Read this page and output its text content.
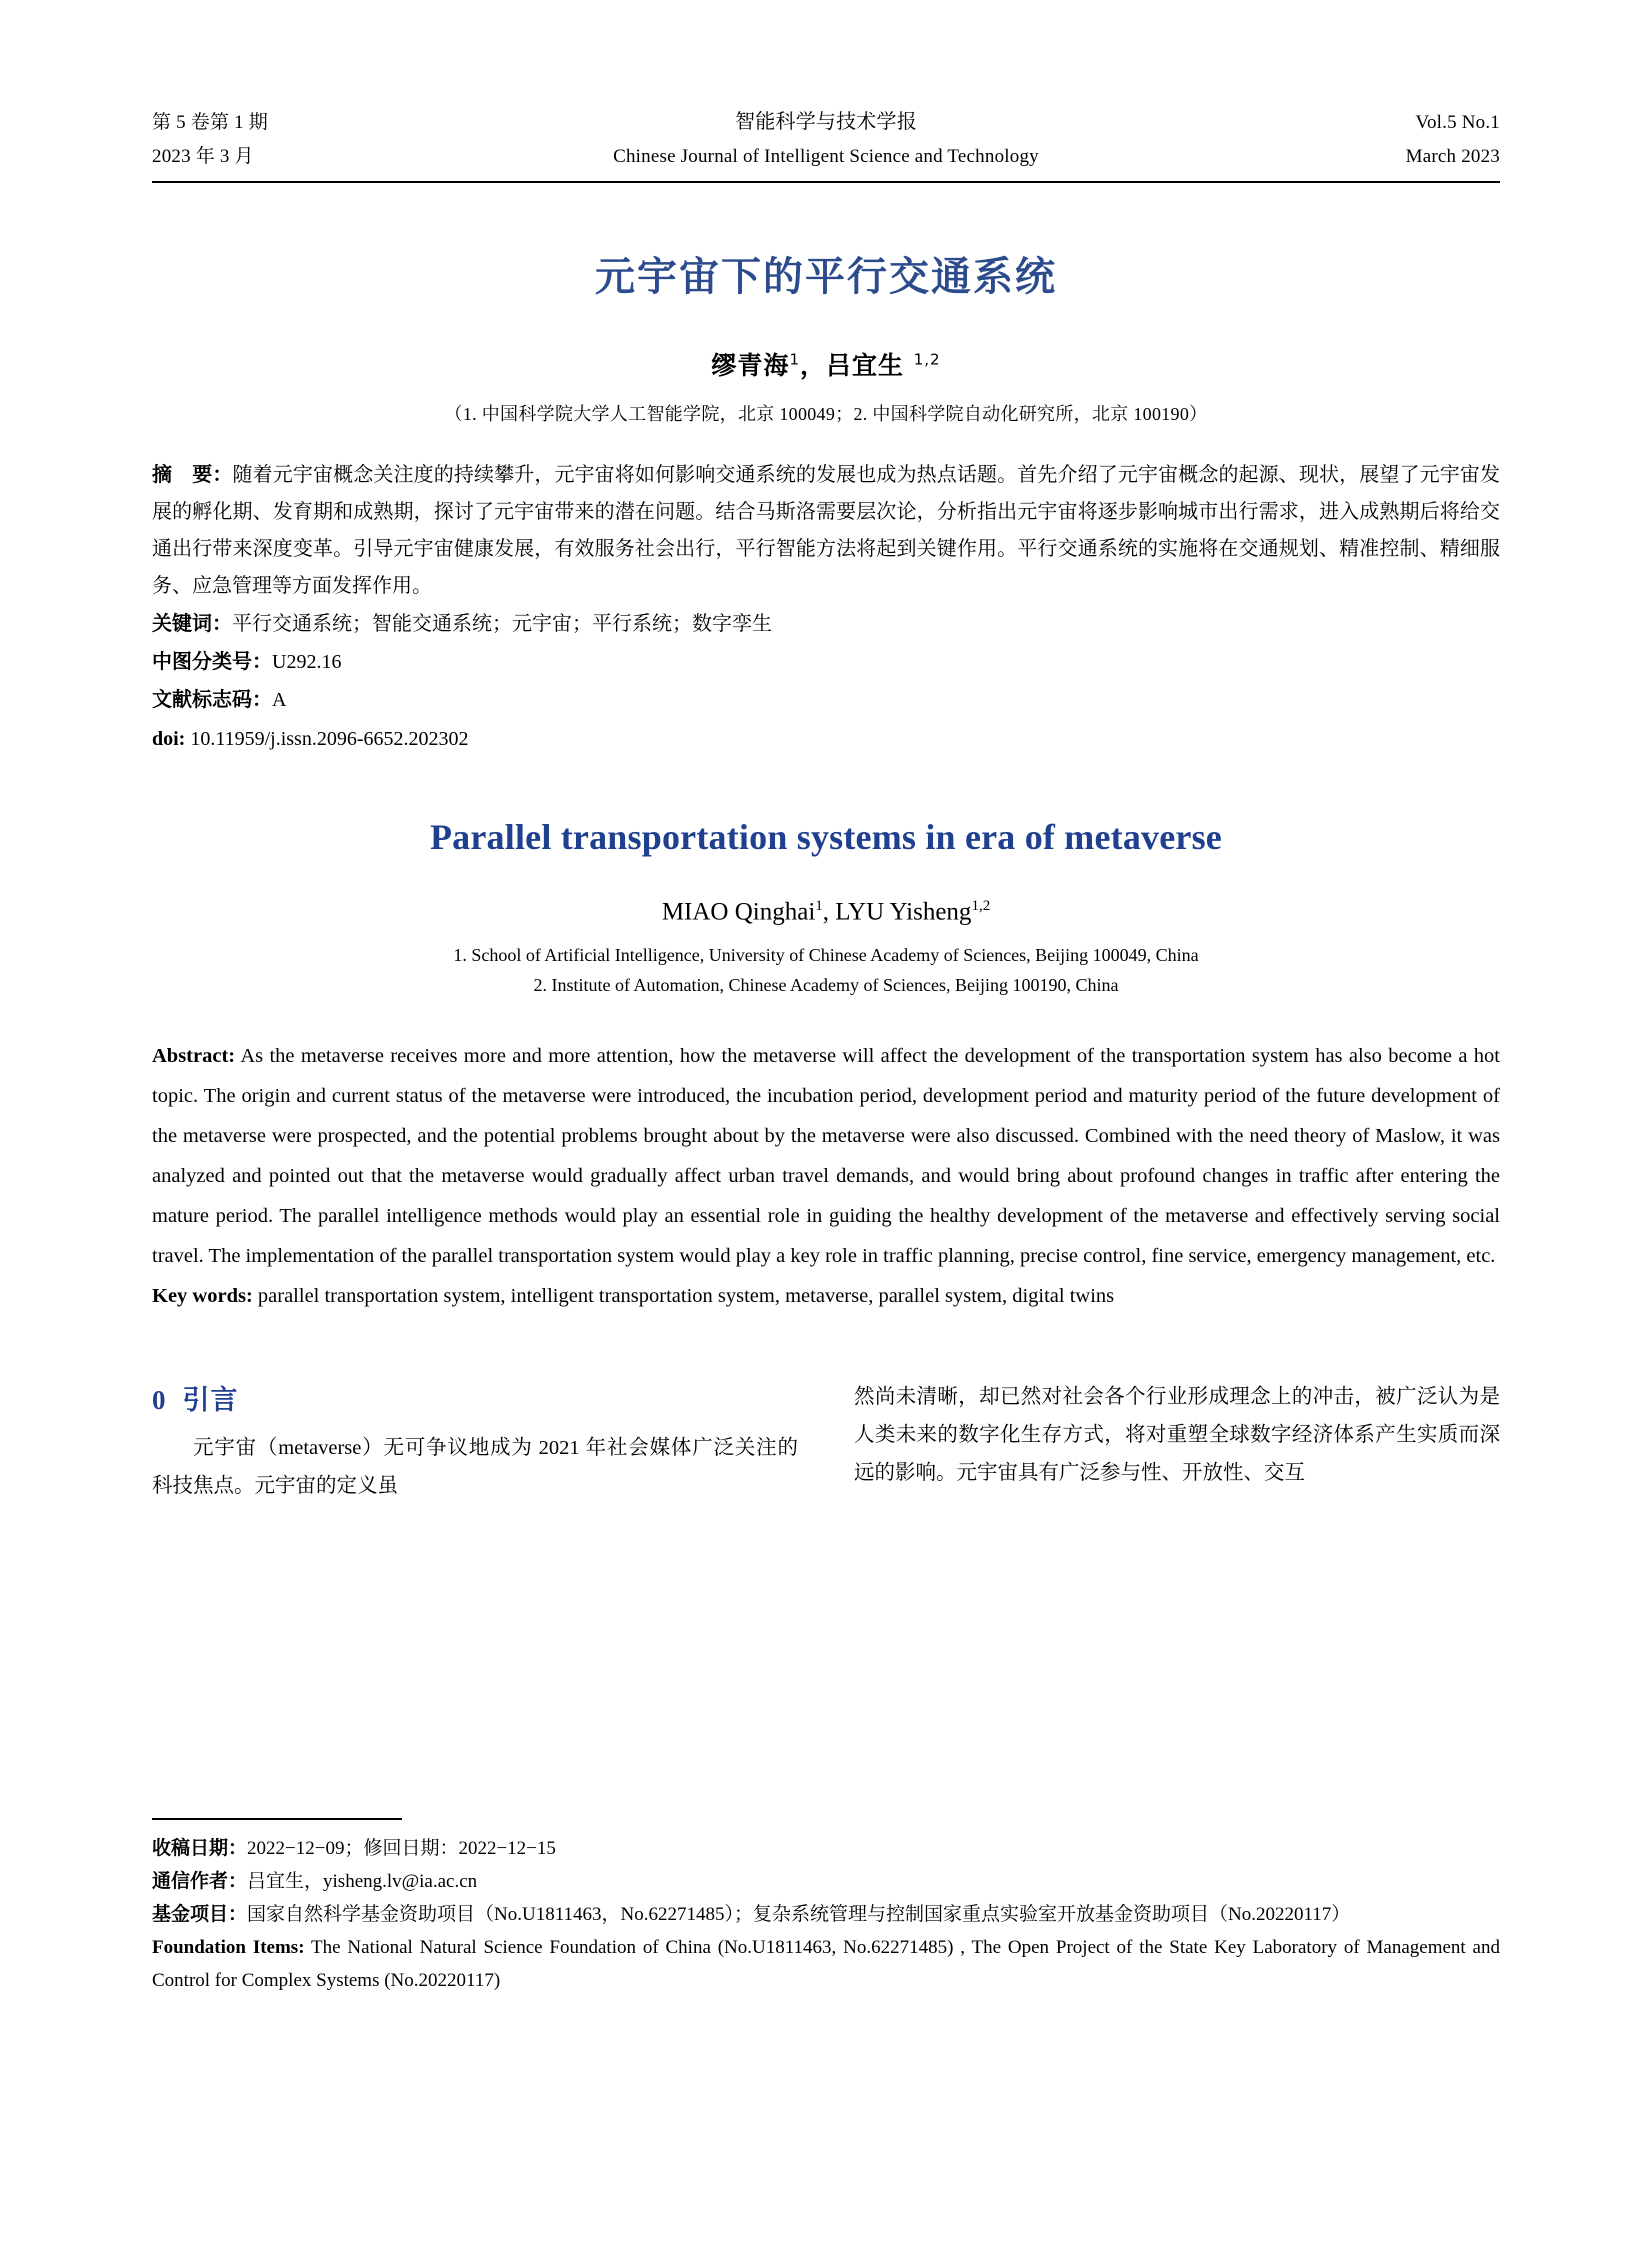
第 5 卷第 1 期	智能科学与技术学报	Vol.5 No.1
2023 年 3 月	Chinese Journal of Intelligent Science and Technology	March 2023
元宇宙下的平行交通系统
缪青海$^1$，吕宜生 $^{1,2}$
（1. 中国科学院大学人工智能学院，北京 100049；2. 中国科学院自动化研究所，北京 100190）

摘　要：随着元宇宙概念关注度的持续攀升，元宇宙将如何影响交通系统的发展也成为热点话题。首先介绍了元宇宙概念的起源、现状，展望了元宇宙发展的孵化期、发育期和成熟期，探讨了元宇宙带来的潜在问题。结合马斯洛需要层次论，分析指出元宇宙将逐步影响城市出行需求，进入成熟期后将给交通出行带来深度变革。引导元宇宙健康发展，有效服务社会出行，平行智能方法将起到关键作用。平行交通系统的实施将在交通规划、精准控制、精细服务、应急管理等方面发挥作用。

关键词：平行交通系统；智能交通系统；元宇宙；平行系统；数字孪生
中图分类号：U292.16
文献标志码：A
doi: 10.11959/j.issn.2096-6652.202302
Parallel transportation systems in era of metaverse
MIAO Qinghai$^1$, LYU Yisheng$^{1,2}$
1. School of Artificial Intelligence, University of Chinese Academy of Sciences, Beijing 100049, China
2. Institute of Automation, Chinese Academy of Sciences, Beijing 100190, China

Abstract: As the metaverse receives more and more attention, how the metaverse will affect the development of the transportation system has also become a hot topic. The origin and current status of the metaverse were introduced, the incubation period, development period and maturity period of the future development of the metaverse were prospected, and the potential problems brought about by the metaverse were also discussed. Combined with the need theory of Maslow, it was analyzed and pointed out that the metaverse would gradually affect urban travel demands, and would bring about profound changes in traffic after entering the mature period. The parallel intelligence methods would play an essential role in guiding the healthy development of the metaverse and effectively serving social travel. The implementation of the parallel transportation system would play a key role in traffic planning, precise control, fine service, emergency management, etc.

Key words: parallel transportation system, intelligent transportation system, metaverse, parallel system, digital twins

0 引言

元宇宙（metaverse）无可争议地成为 2021 年社会媒体广泛关注的科技焦点。元宇宙的定义虽

然尚未清晰，却已然对社会各个行业形成理念上的冲击，被广泛认为是人类未来的数字化生存方式，将对重塑全球数字经济体系产生实质而深远的影响。元宇宙具有广泛参与性、开放性、交互

收稿日期：2022−12−09；修回日期：2022−12−15
通信作者：吕宜生，yisheng.lv@ia.ac.cn
基金项目：国家自然科学基金资助项目（No.U1811463，No.62271485）；复杂系统管理与控制国家重点实验室开放基金资助项目（No.20220117）
Foundation Items: The National Natural Science Foundation of China (No.U1811463, No.62271485) , The Open Project of the State Key Laboratory of Management and Control for Complex Systems (No.20220117)
